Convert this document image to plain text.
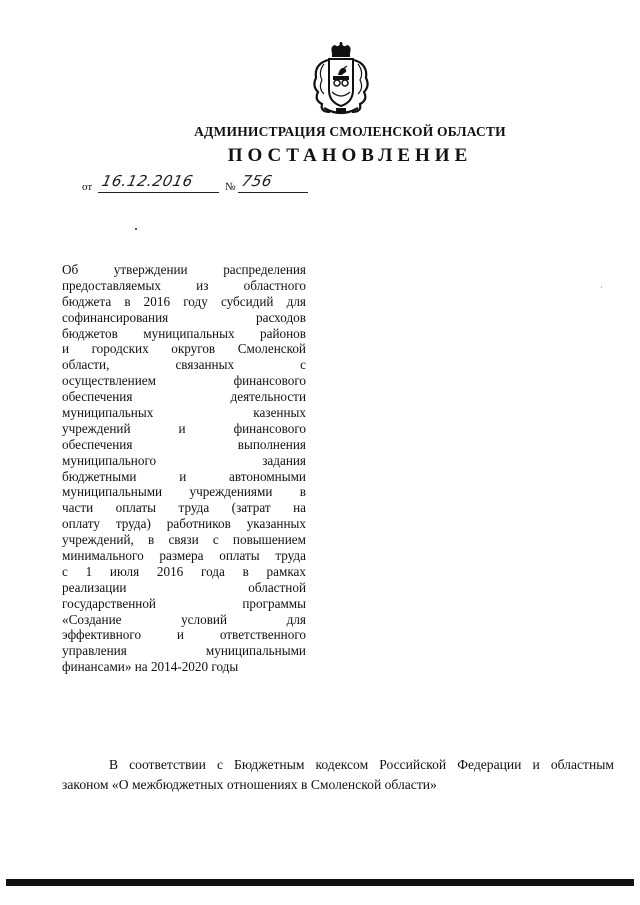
АДМИНИСТРАЦИЯ СМОЛЕНСКОЙ ОБЛАСТИ
ПОСТАНОВЛЕНИЕ
от 16.12.2016	№ 756
Об утверждении распределения
предоставляемых из областного
бюджета в 2016 году субсидий для
софинансирования расходов
бюджетов муниципальных районов
и городских округов Смоленской
области, связанных с
осуществлением финансового
обеспечения деятельности
муниципальных казенных
учреждений и финансового
обеспечения выполнения
муниципального задания
бюджетными и автономными
муниципальными учреждениями в
части оплаты труда (затрат на
оплату труда) работников указанных
учреждений, в связи с повышением
минимального размера оплаты труда
с 1 июля 2016 года в рамках
реализации областной
государственной программы
«Создание условий для
эффективного и ответственного
управления муниципальными
финансами» на 2014-2020 годы
В соответствии с Бюджетным кодексом Российской Федерации и областным
законом «О межбюджетных отношениях в Смоленской области»
